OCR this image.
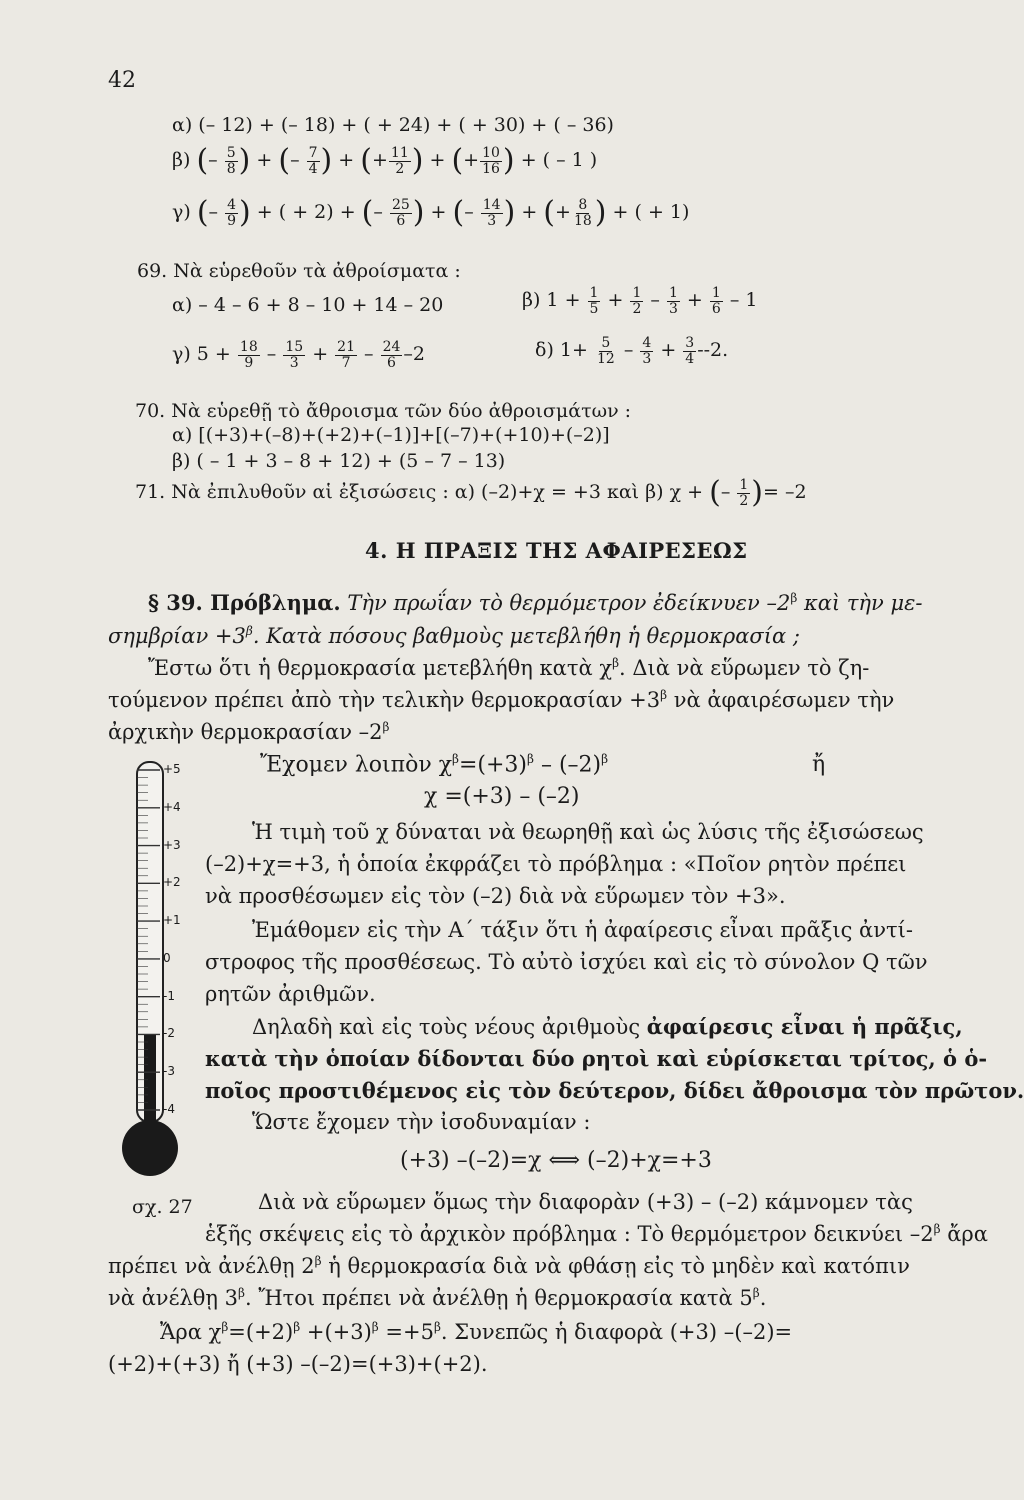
42
α) (– 12) + (– 18) + ( + 24) + ( + 30) + ( – 36)
β) (– $\frac{5}{8}$ ) + (– $\frac{7}{4}$ ) + (+ $\frac{11}{2}$ ) + (+ $\frac{10}{16}$ ) + ( – 1 )
γ) (– $\frac{4}{9}$ ) + ( + 2) + (– $\frac{25}{6}$ ) + (– $\frac{14}{3}$ ) + (+ $\frac{8}{18}$ ) + ( + 1)
69. Νὰ εὑρεθοῦν τὰ ἀθροίσματα :
α) – 4 – 6 + 8 – 10 + 14 – 20	β) $1 + \frac{1}{5} + \frac{1}{2} - \frac{1}{3} + \frac{1}{6} - 1$
γ) $5 + \frac{18}{9} - \frac{15}{3} + \frac{21}{7} - \frac{24}{6} -2$	δ) $1+ \frac{5}{12} - \frac{4}{3} + \frac{3}{4} --2$.
70. Νὰ εὑρεθῇ τὸ ἄθροισμα τῶν δύο ἀθροισμάτων :
α) [(+3)+(–8)+(+2)+(–1)]+[(–7)+(+10)+(–2)]
β) ( – 1 + 3 – 8 + 12) + (5 – 7 – 13)
71. Νὰ ἐπιλυθοῦν αἱ ἐξισώσεις : α) (–2)+χ = +3 καὶ β) χ + (– $\frac{1}{2}$ )= –2
4. Η ΠΡΑΞΙΣ ΤΗΣ ΑΦΑΙΡΕΣΕΩΣ
§ 39. Πρόβλημα. Τὴν πρωΐαν τὸ θερμόμετρον ἐδείκνυεν $-2^\beta$ καὶ τὴν με-
$\sigma\eta\mu\beta\rho ί\alpha\nu +3^\beta$. Κατὰ πόσους βαθμοὺς μετεβλήθη ἡ θερμοκρασία ;
Ἔστω ὅτι ἡ θερμοκρασία μετεβλήθη κατὰ $\chi^\beta$. Διὰ νὰ εὕρωμεν τὸ ζη-
τούμενον πρέπει ἀπὸ τὴν τελικὴν $\theta\varepsilon\rho\mu o\kappa\rho\alpha\sigma ί\alpha\nu +3^\beta$ νὰ ἀφαιρέσωμεν τὴν
ἀρχικὴν θερμοκρασίαν $-2^\beta$
Ἔχομεν λοιπὸν $\chi^\beta=(+3)^\beta - (-2)^\beta$	ἤ
χ =(+3) – (–2)
Ἡ τιμὴ τοῦ χ δύναται νὰ θεωρηθῇ καὶ ὡς λύσις τῆς ἐξισώσεως
(–2)+χ=+3, ἡ ὁποία ἐκφράζει τὸ πρόβλημα : «Ποῖον ρητὸν πρέπει
νὰ προσθέσωμεν εἰς τὸν (–2) διὰ νὰ εὕρωμεν τὸν +3».
Ἐμάθομεν εἰς τὴν Α΄ τάξιν ὅτι ἡ ἀφαίρεσις εἶναι πρᾶξις ἀντί-
στροφος τῆς προσθέσεως. Τὸ αὐτὸ ἰσχύει καὶ εἰς τὸ σύνολον Q τῶν
ρητῶν ἀριθμῶν.
Δηλαδὴ καὶ εἰς τοὺς νέους ἀριθμοὺς ἀφαίρεσις εἶναι ἡ πρᾶξις,
κατὰ τὴν ὁποίαν δίδονται δύο ρητοὶ καὶ εὑρίσκεται τρίτος, ὁ ὁ-
ποῖος προστιθέμενος εἰς τὸν δεύτερον, δίδει ἄθροισμα τὸν πρῶτον.
Ὥστε ἔχομεν τὴν ἰσοδυναμίαν :
(+3) –(–2)=χ ⟺ (–2)+χ=+3
σχ. 27	Διὰ νὰ εὕρωμεν ὅμως τὴν διαφορὰν (+3) – (–2) κάμνομεν τὰς
ἑξῆς σκέψεις εἰς τὸ ἀρχικὸν πρόβλημα : Τὸ θερμόμετρον δεικνύει $-2^\beta$ ἄρα
πρέπει νὰ ἀνέλθῃ $2^\beta$ ἡ θερμοκρασία διὰ νὰ φθάσῃ εἰς τὸ μηδὲν καὶ κατόπιν
νὰ ἀνέλθῃ $3^\beta$. Ἤτοι πρέπει νὰ ἀνέλθῃ ἡ θερμοκρασία κατὰ $5^\beta$.
Ἄρα $\chi^\beta=(+2)^\beta +(+3)^\beta =+5^\beta$. Συνεπῶς ἡ διαφορὰ (+3) –(–2)=
(+2)+(+3) ἤ (+3) –(–2)=(+3)+(+2).
+5
+4
+3
+2
+1
0
-1
-2
-3
-4
